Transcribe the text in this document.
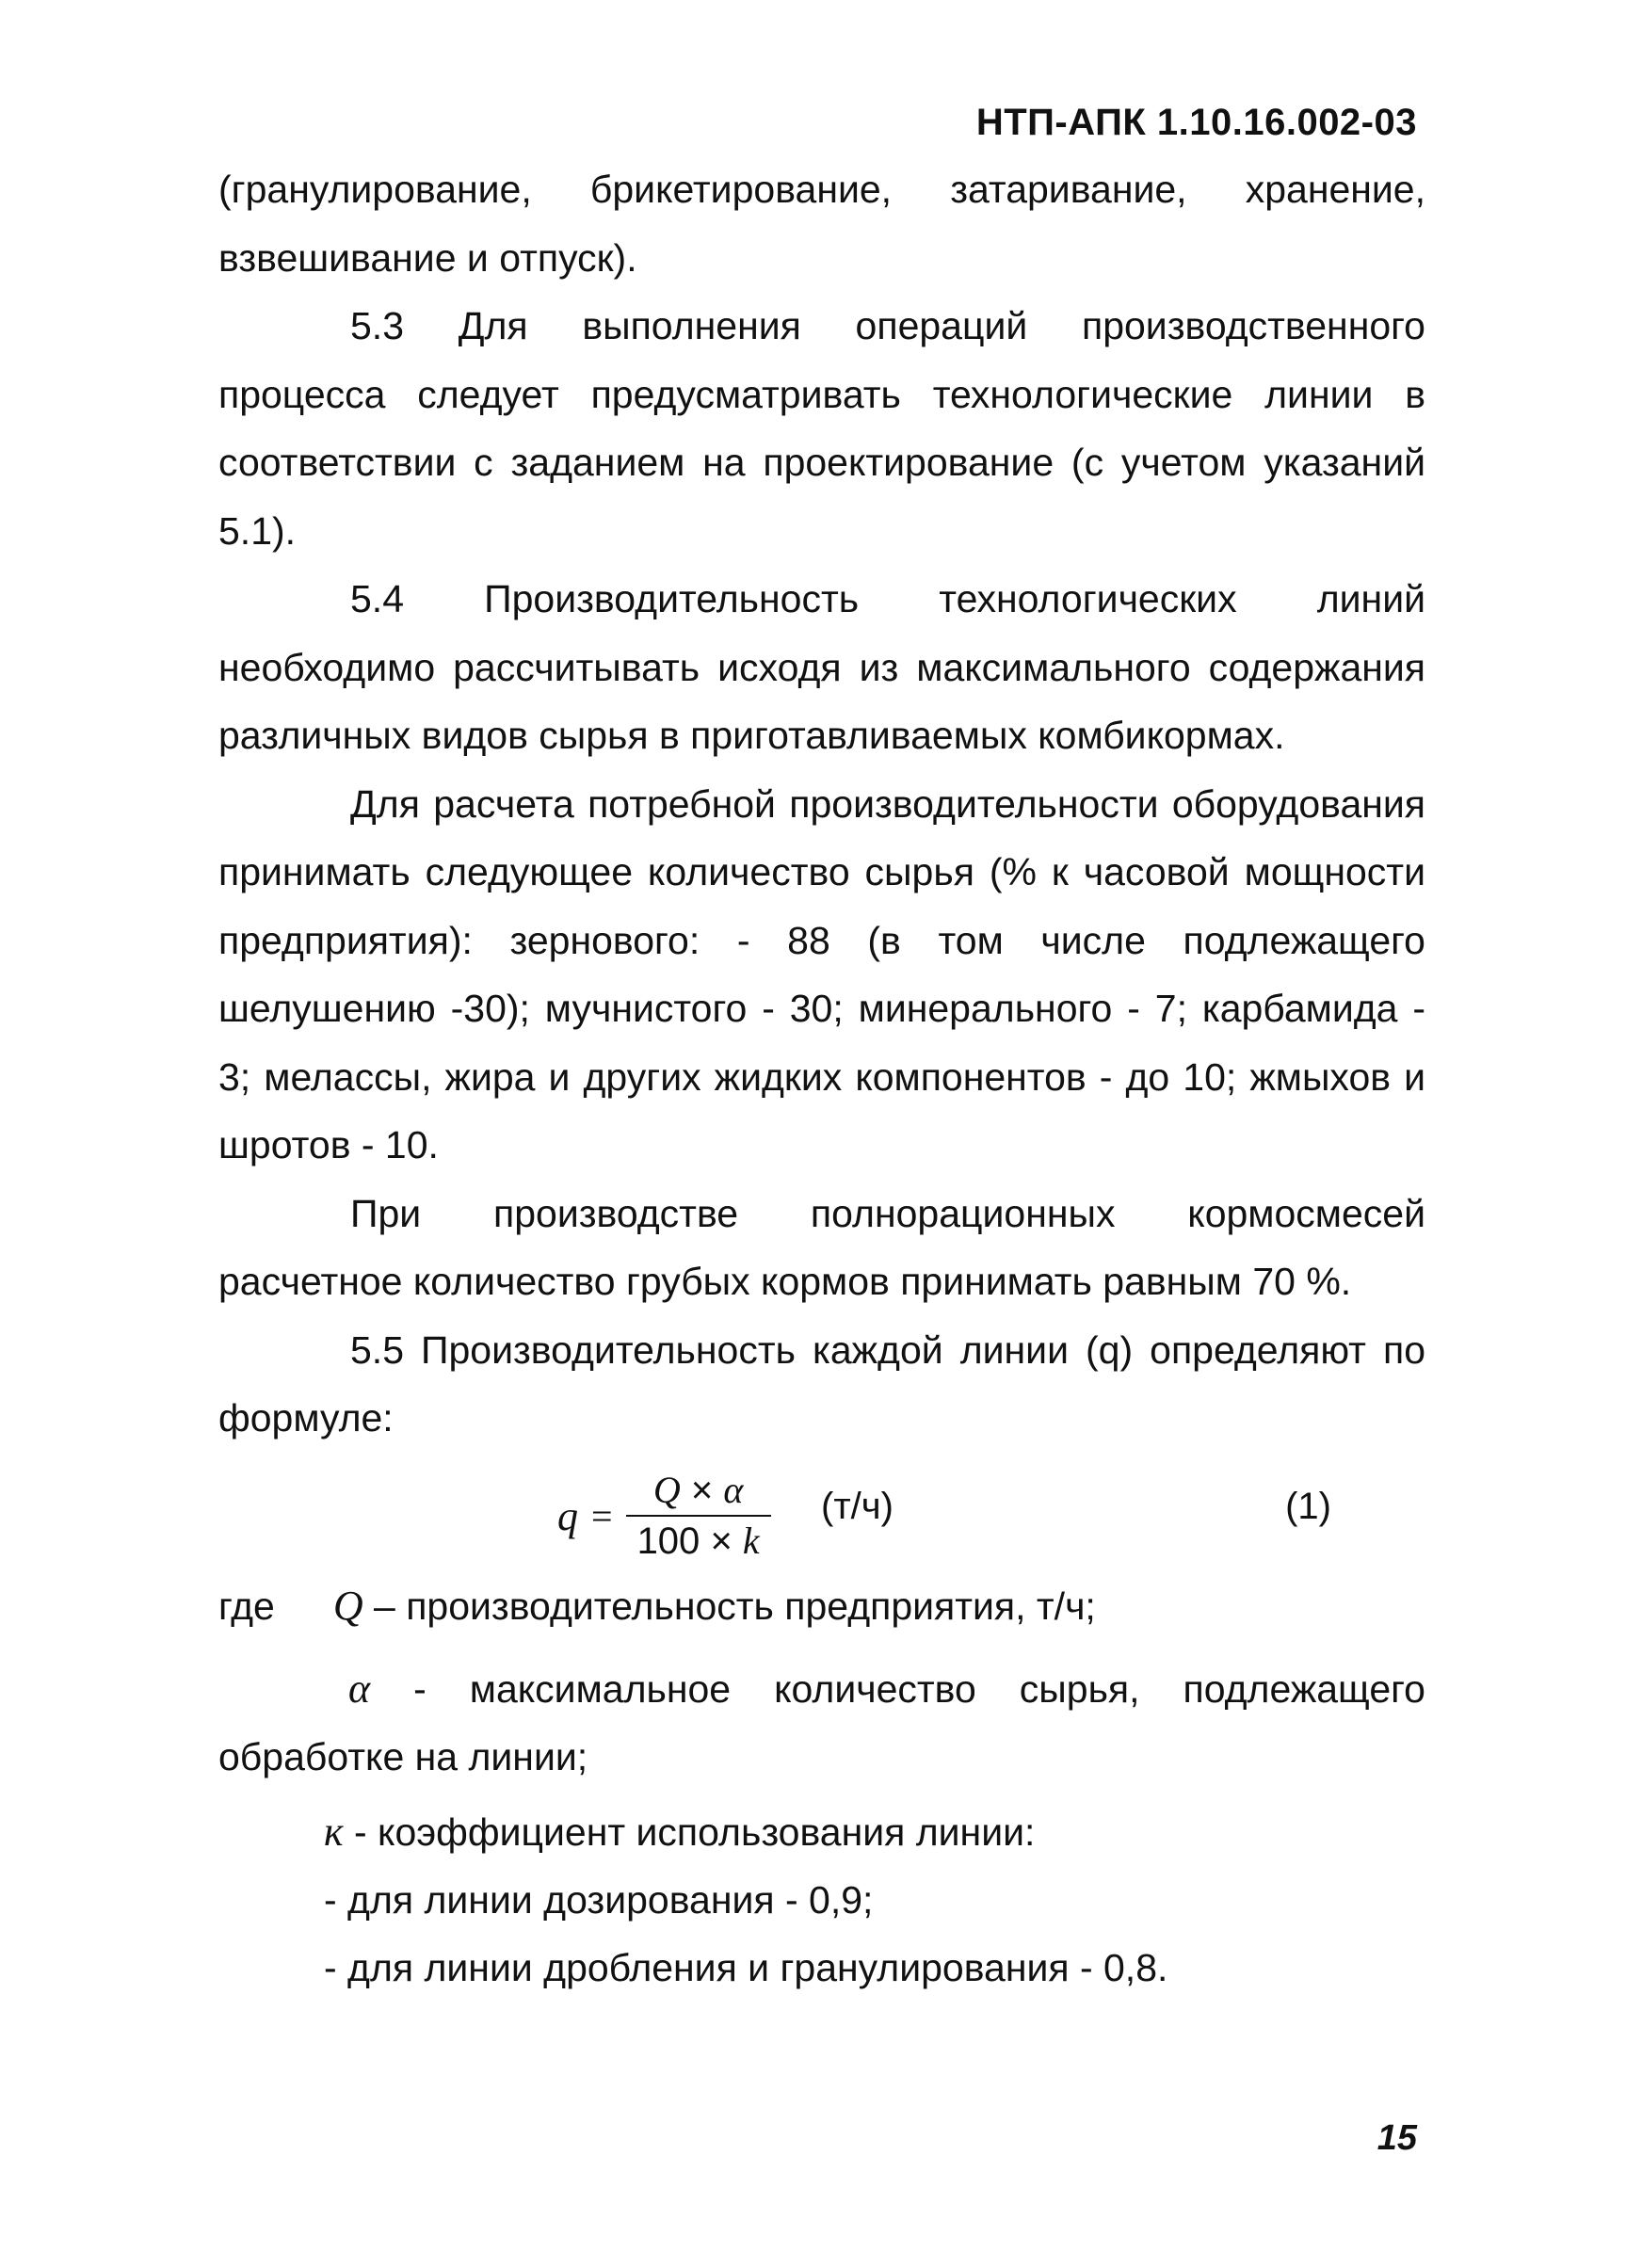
НТП-АПК 1.10.16.002-03

(гранулирование, брикетирование, затаривание, хранение, взвешивание и отпуск).

5.3 Для выполнения операций производственного процесса следует предусматривать технологические линии в соответствии с заданием на проектирование (с учетом указаний 5.1).

5.4 Производительность технологических линий необходимо рассчитывать исходя из максимального содержания различных видов сырья в приготавливаемых комбикормах.

Для расчета потребной производительности оборудования принимать следующее количество сырья (% к часовой мощности предприятия): зернового: - 88 (в том числе подлежащего шелушению -30); мучнистого - 30; минерального - 7; карбамида - 3; мелассы, жира и других жидких компонентов - до 10; жмыхов и шротов - 10.

При производстве полнорационных кормосмесей расчетное количество грубых кормов принимать равным 70 %.

5.5 Производительность каждой линии (q) определяют по формуле:

$q = \frac{Q \times \alpha}{100 \times k} (т/ч)$	(1)
где Q – производительность предприятия, т/ч;
α - максимальное количество сырья, подлежащего обработке на линии;
к - коэффициент использования линии:
- для линии дозирования - 0,9;
- для линии дробления и гранулирования - 0,8.
15
